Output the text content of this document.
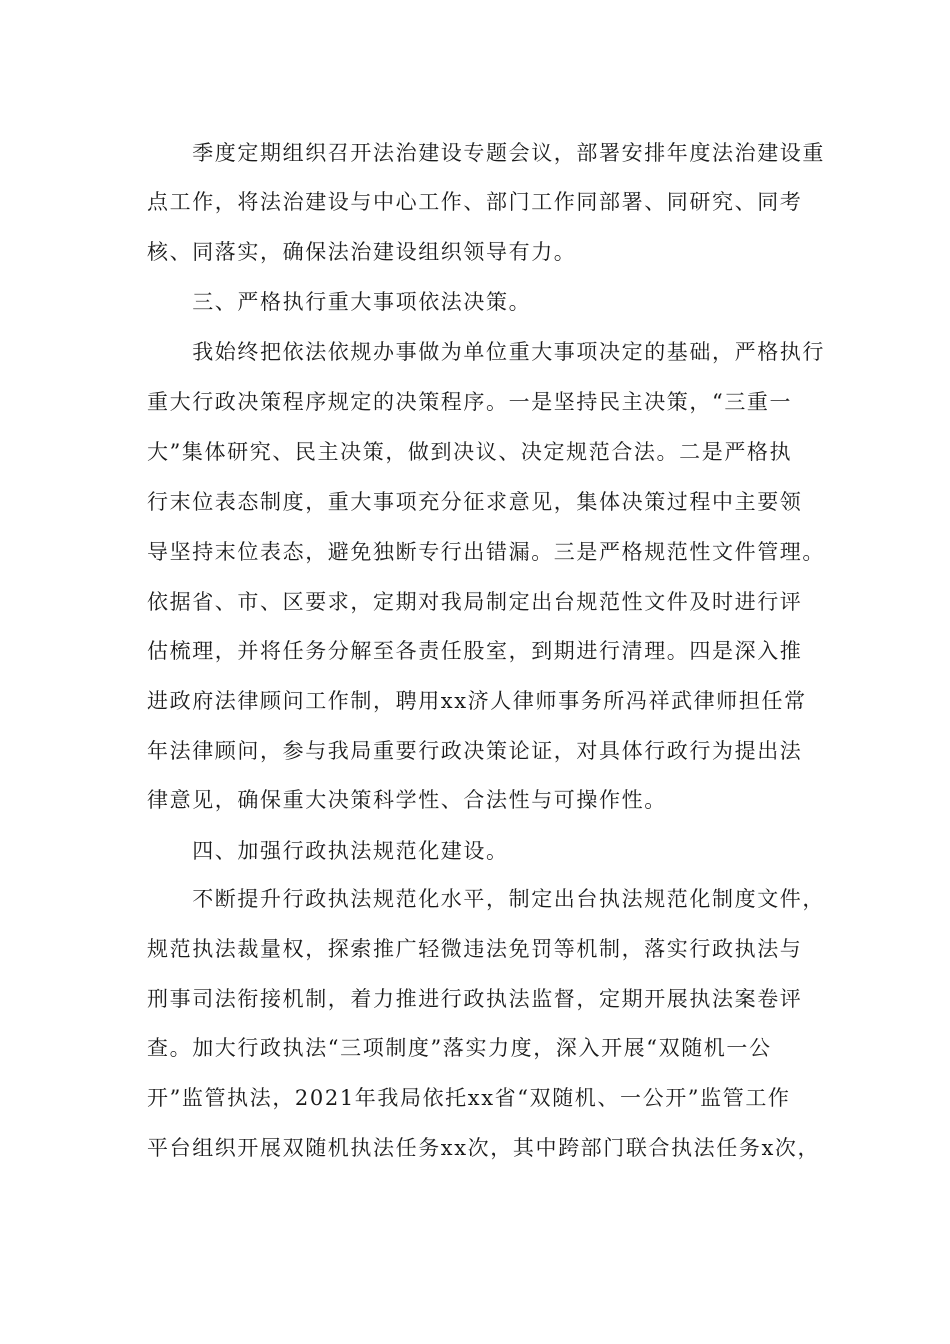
　　季度定期组织召开法治建设专题会议，部署安排年度法治建设重
点工作，将法治建设与中心工作、部门工作同部署、同研究、同考
核、同落实，确保法治建设组织领导有力。
　　三、严格执行重大事项依法决策。
　　我始终把依法依规办事做为单位重大事项决定的基础，严格执行
重大行政决策程序规定的决策程序。一是坚持民主决策，“三重一
大”集体研究、民主决策，做到决议、决定规范合法。二是严格执
行末位表态制度，重大事项充分征求意见，集体决策过程中主要领
导坚持末位表态，避免独断专行出错漏。三是严格规范性文件管理。
依据省、市、区要求，定期对我局制定出台规范性文件及时进行评
估梳理，并将任务分解至各责任股室，到期进行清理。四是深入推
进政府法律顾问工作制，聘用xx济人律师事务所冯祥武律师担任常
年法律顾问，参与我局重要行政决策论证，对具体行政行为提出法
律意见，确保重大决策科学性、合法性与可操作性。
　　四、加强行政执法规范化建设。
　　不断提升行政执法规范化水平，制定出台执法规范化制度文件，
规范执法裁量权，探索推广轻微违法免罚等机制，落实行政执法与
刑事司法衔接机制，着力推进行政执法监督，定期开展执法案卷评
查。加大行政执法“三项制度”落实力度，深入开展“双随机一公
开”监管执法，2021年我局依托xx省“双随机、一公开”监管工作
平台组织开展双随机执法任务xx次，其中跨部门联合执法任务x次，
